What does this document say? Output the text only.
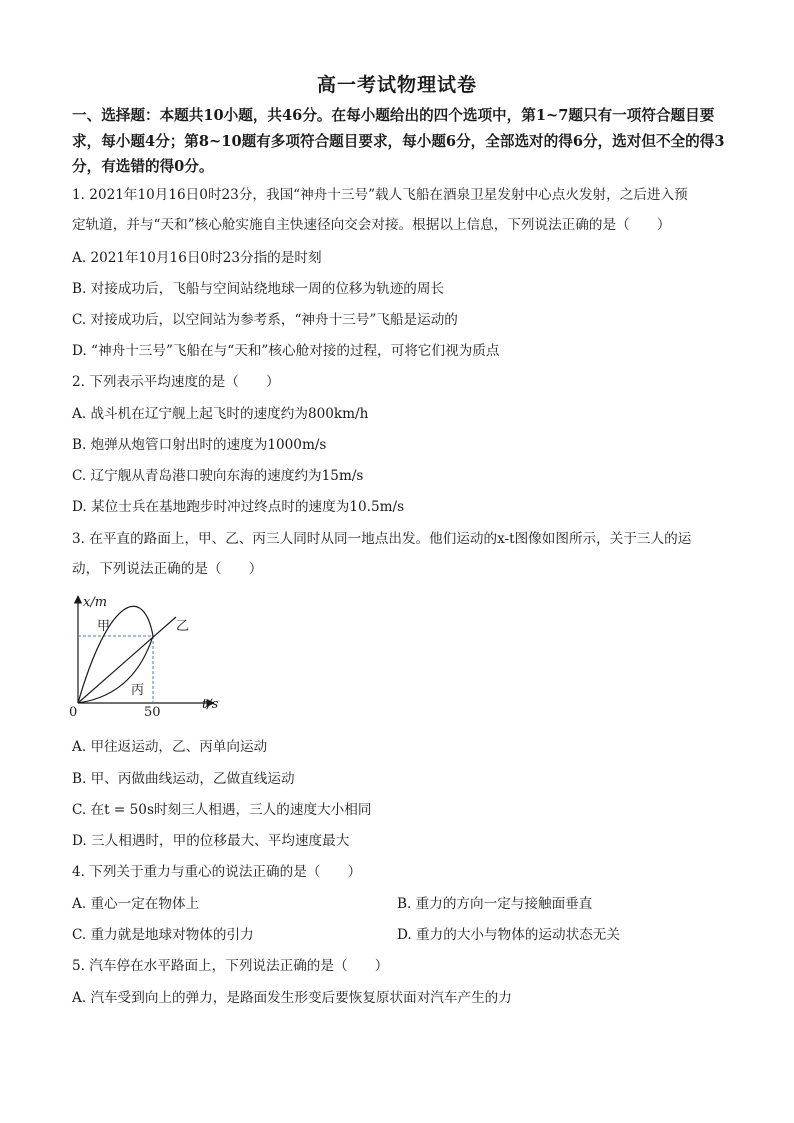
高一考试物理试卷
一、选择题：本题共10小题，共46分。在每小题给出的四个选项中，第1~7题只有一项符合题目要求，每小题4分；第8~10题有多项符合题目要求，每小题6分，全部选对的得6分，选对但不全的得3分，有选错的得0分。
1. 2021年10月16日0时23分，我国“神舟十三号”载人飞船在酒泉卫星发射中心点火发射，之后进入预
定轨道，并与“天和”核心舱实施自主快速径向交会对接。根据以上信息，下列说法正确的是（　　）
A. 2021年10月16日0时23分指的是时刻
B. 对接成功后，飞船与空间站绕地球一周的位移为轨迹的周长
C. 对接成功后，以空间站为参考系，“神舟十三号”飞船是运动的
D. “神舟十三号”飞船在与“天和”核心舱对接的过程，可将它们视为质点
2. 下列表示平均速度的是（　　）
A. 战斗机在辽宁舰上起飞时的速度约为800km/h
B. 炮弹从炮管口射出时的速度为1000m/s
C. 辽宁舰从青岛港口驶向东海的速度约为15m/s
D. 某位士兵在基地跑步时冲过终点时的速度为10.5m/s
3. 在平直的路面上，甲、乙、丙三人同时从同一地点出发。他们运动的x-t图像如图所示，关于三人的运
动，下列说法正确的是（　　）
x/m
t/s
0	50
甲	乙
丙
A. 甲往返运动，乙、丙单向运动
B. 甲、丙做曲线运动，乙做直线运动
C. 在t = 50s时刻三人相遇，三人的速度大小相同
D. 三人相遇时，甲的位移最大、平均速度最大
4. 下列关于重力与重心的说法正确的是（　　）
A. 重心一定在物体上	B. 重力的方向一定与接触面垂直
C. 重力就是地球对物体的引力	D. 重力的大小与物体的运动状态无关
5. 汽车停在水平路面上，下列说法正确的是（　　）
A. 汽车受到向上的弹力，是路面发生形变后要恢复原状面对汽车产生的力
